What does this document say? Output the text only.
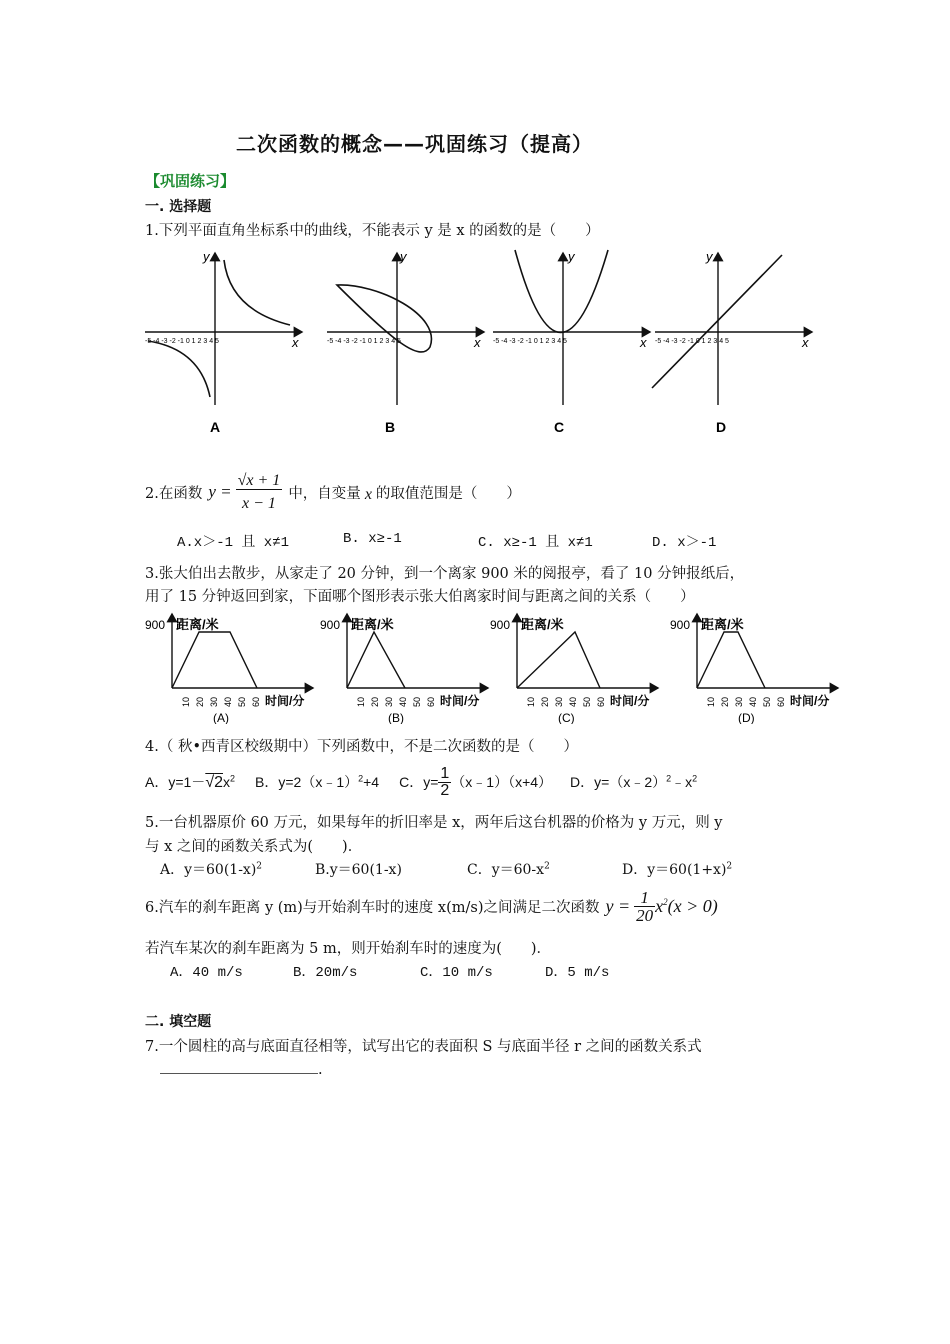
二次函数的概念——巩固练习（提高）
【巩固练习】
一. 选择题
1.下列平面直角坐标系中的曲线，不能表示 y 是 x 的函数的是（　　）
y
x
-5 -4 -3 -2 -1 0 1 2 3 4 5
A
y
x
-5 -4 -3 -2 -1 0 1 2 3 4 5
B
y
x
-5 -4 -3 -2 -1 0 1 2 3 4 5
C
y
x
-5 -4 -3 -2 -1 0 1 2 3 4 5
D
2.在函数 $y = \frac{√x + 1}{x - 1}$ 中，自变量 x 的取值范围是（　　）
A.x＞-1 且 x≠1	B. x≥-1	C. x≥-1 且 x≠1	D. x＞-1
3.张大伯出去散步，从家走了 20 分钟，到一个离家 900 米的阅报亭，看了 10 分钟报纸后，
用了 15 分钟返回到家，下面哪个图形表示张大伯离家时间与距离之间的关系（　　）
900 距离/米
10 20 30 40 50 60 时间/分
(A)
900 距离/米
10 20 30 40 50 60 时间/分
(B)
900 距离/米
10 20 30 40 50 60 时间/分
(C)
900 距离/米
10 20 30 40 50 60 时间/分
(D)
4.（ 秋•西青区校级期中）下列函数中，不是二次函数的是（　　）
A．$y=1-√2x^2$ B．y=2（x﹣1）$^2$+4 C．$y= \frac{1}{2}$ （x﹣1）（x+4） D．$y=(x﹣2)^2﹣x^2$
5.一台机器原价 60 万元，如果每年的折旧率是 x，两年后这台机器的价格为 y 万元，则 y
与 x 之间的函数关系式为(　　)．
A．$y=60(1-x)^2$	B.y＝60(1-x)	C．$y=60-x^2$	D．$y=60(1+x)^2$
6.汽车的刹车距离 y (m)与开始刹车时的速度 x(m/s)之间满足二次函数 $y = \frac{1}{20} x^2(x > 0)$
若汽车某次的刹车距离为 5 m，则开始刹车时的速度为(　　)．
A．40 m/s	B．20m/s	C．10 m/s	D．5 m/s
二. 填空题
7.一个圆柱的高与底面直径相等，试写出它的表面积 S 与底面半径 r 之间的函数关系式
.
